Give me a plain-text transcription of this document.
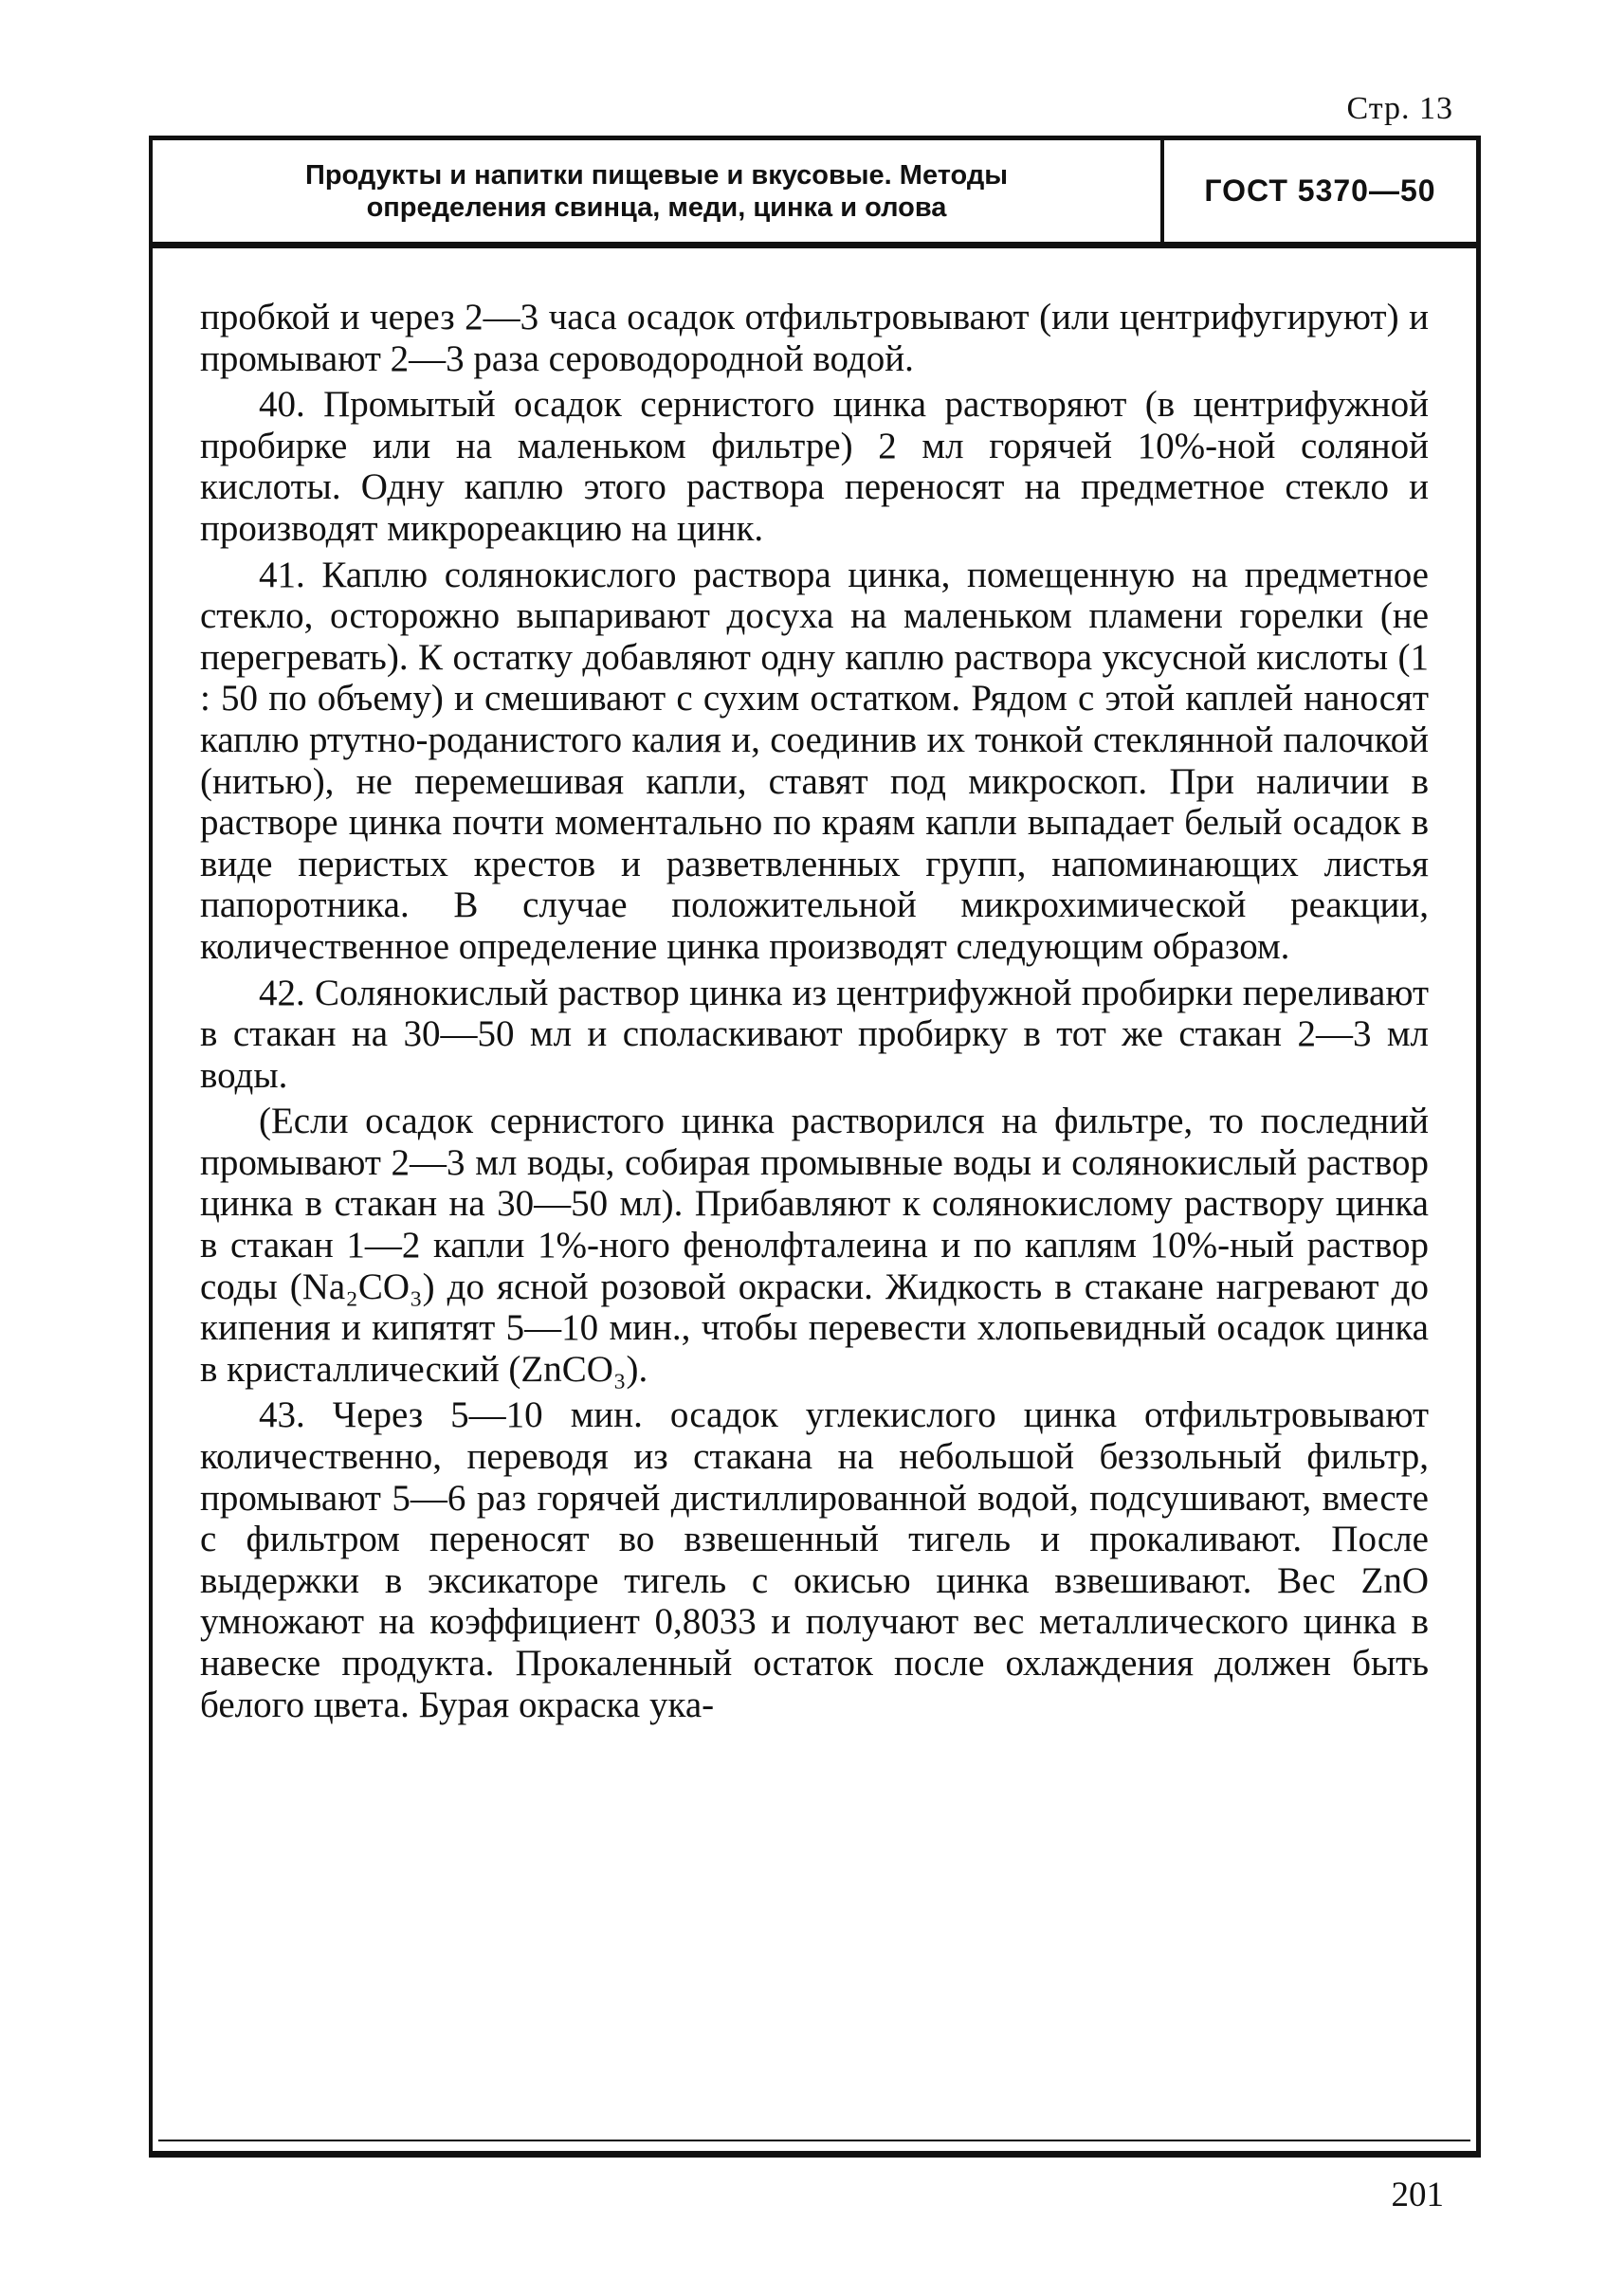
Стр. 13
Продукты и напитки пищевые и вкусовые. Методы
определения свинца, меди, цинка и олова	ГОСТ 5370—50

пробкой и через 2—3 часа осадок отфильтровывают (или центрифугируют) и промывают 2—3 раза сероводородной водой.

40. Промытый осадок сернистого цинка растворяют (в центрифужной пробирке или на маленьком фильтре) 2 мл горячей 10%-ной соляной кислоты. Одну каплю этого раствора переносят на предметное стекло и производят микрореакцию на цинк.

41. Каплю солянокислого раствора цинка, помещенную на предметное стекло, осторожно выпаривают досуха на маленьком пламени горелки (не перегревать). К остатку добавляют одну каплю раствора уксусной кислоты (1 : 50 по объему) и смешивают с сухим остатком. Рядом с этой каплей наносят каплю ртутно-роданистого калия и, соединив их тонкой стеклянной палочкой (нитью), не перемешивая капли, ставят под микроскоп. При наличии в растворе цинка почти моментально по краям капли выпадает белый осадок в виде перистых крестов и разветвленных групп, напоминающих листья папоротника. В случае положительной микрохимической реакции, количественное определение цинка производят следующим образом.

42. Солянокислый раствор цинка из центрифужной пробирки переливают в стакан на 30—50 мл и споласкивают пробирку в тот же стакан 2—3 мл воды.

(Если осадок сернистого цинка растворился на фильтре, то последний промывают 2—3 мл воды, собирая промывные воды и солянокислый раствор цинка в стакан на 30—50 мл). Прибавляют к солянокислому раствору цинка в стакан 1—2 капли 1%-ного фенолфталеина и по каплям 10%-ный раствор соды (Na₂CO₃) до ясной розовой окраски. Жидкость в стакане нагревают до кипения и кипятят 5—10 мин., чтобы перевести хлопьевидный осадок цинка в кристаллический (ZnCO₃).

43. Через 5—10 мин. осадок углекислого цинка отфильтровывают количественно, переводя из стакана на небольшой беззольный фильтр, промывают 5—6 раз горячей дистиллированной водой, подсушивают, вместе с фильтром переносят во взвешенный тигель и прокаливают. После выдержки в эксикаторе тигель с окисью цинка взвешивают. Вес ZnO умножают на коэффициент 0,8033 и получают вес металлического цинка в навеске продукта. Прокаленный остаток после охлаждения должен быть белого цвета. Бурая окраска ука-

201
